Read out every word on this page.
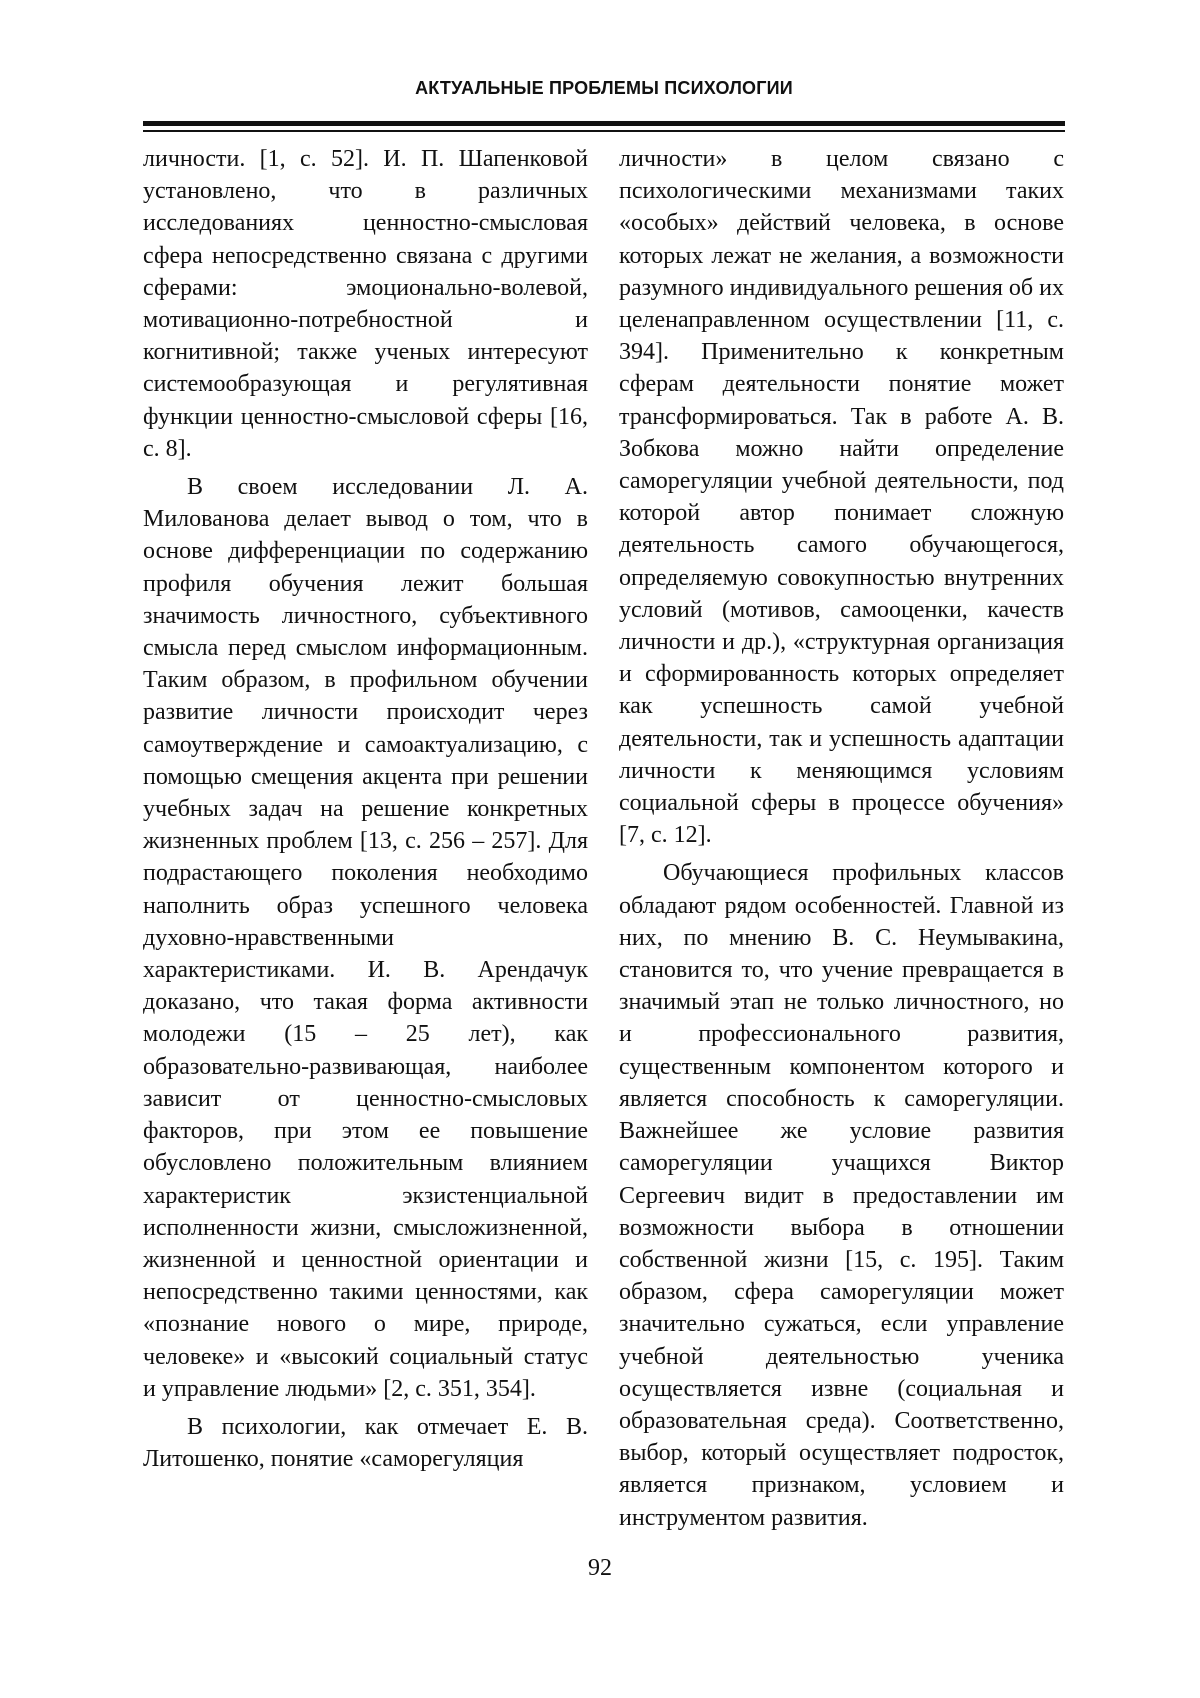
АКТУАЛЬНЫЕ ПРОБЛЕМЫ ПСИХОЛОГИИ

личности. [1, с. 52]. И. П. Шапенковой установлено, что в различных исследованиях ценностно-смысловая сфера непосредственно связана с другими сферами: эмоционально-волевой, мотивационно-потребностной и когнитивной; также ученых интересуют системообразующая и регулятивная функции ценностно-смысловой сферы [16, с. 8].

В своем исследовании Л. А. Милованова делает вывод о том, что в основе дифференциации по содержанию профиля обучения лежит большая значимость личностного, субъективного смысла перед смыслом информационным. Таким образом, в профильном обучении развитие личности происходит через самоутверждение и самоактуализацию, с помощью смещения акцента при решении учебных задач на решение конкретных жизненных проблем [13, с. 256 – 257]. Для подрастающего поколения необходимо наполнить образ успешного человека духовно-нравственными характеристиками. И. В. Арендачук доказано, что такая форма активности молодежи (15 – 25 лет), как образовательно-развивающая, наиболее зависит от ценностно-смысловых факторов, при этом ее повышение обусловлено положительным влиянием характеристик экзистенциальной исполненности жизни, смысложизненной, жизненной и ценностной ориентации и непосредственно такими ценностями, как «познание нового о мире, природе, человеке» и «высокий социальный статус и управление людьми» [2, с. 351, 354].

В психологии, как отмечает Е. В. Литошенко, понятие «саморегуляция

личности» в целом связано с психологическими механизмами таких «особых» действий человека, в основе которых лежат не желания, а возможности разумного индивидуального решения об их целенаправленном осуществлении [11, с. 394]. Применительно к конкретным сферам деятельности понятие может трансформироваться. Так в работе А. В. Зобкова можно найти определение саморегуляции учебной деятельности, под которой автор понимает сложную деятельность самого обучающегося, определяемую совокупностью внутренних условий (мотивов, самооценки, качеств личности и др.), «структурная организация и сформированность которых определяет как успешность самой учебной деятельности, так и успешность адаптации личности к меняющимся условиям социальной сферы в процессе обучения» [7, с. 12].

Обучающиеся профильных классов обладают рядом особенностей. Главной из них, по мнению В. С. Неумывакина, становится то, что учение превращается в значимый этап не только личностного, но и профессионального развития, существенным компонентом которого и является способность к саморегуляции. Важнейшее же условие развития саморегуляции учащихся Виктор Сергеевич видит в предоставлении им возможности выбора в отношении собственной жизни [15, с. 195]. Таким образом, сфера саморегуляции может значительно сужаться, если управление учебной деятельностью ученика осуществляется извне (социальная и образовательная среда). Соответственно, выбор, который осуществляет подросток, является признаком, условием и инструментом развития.

92
